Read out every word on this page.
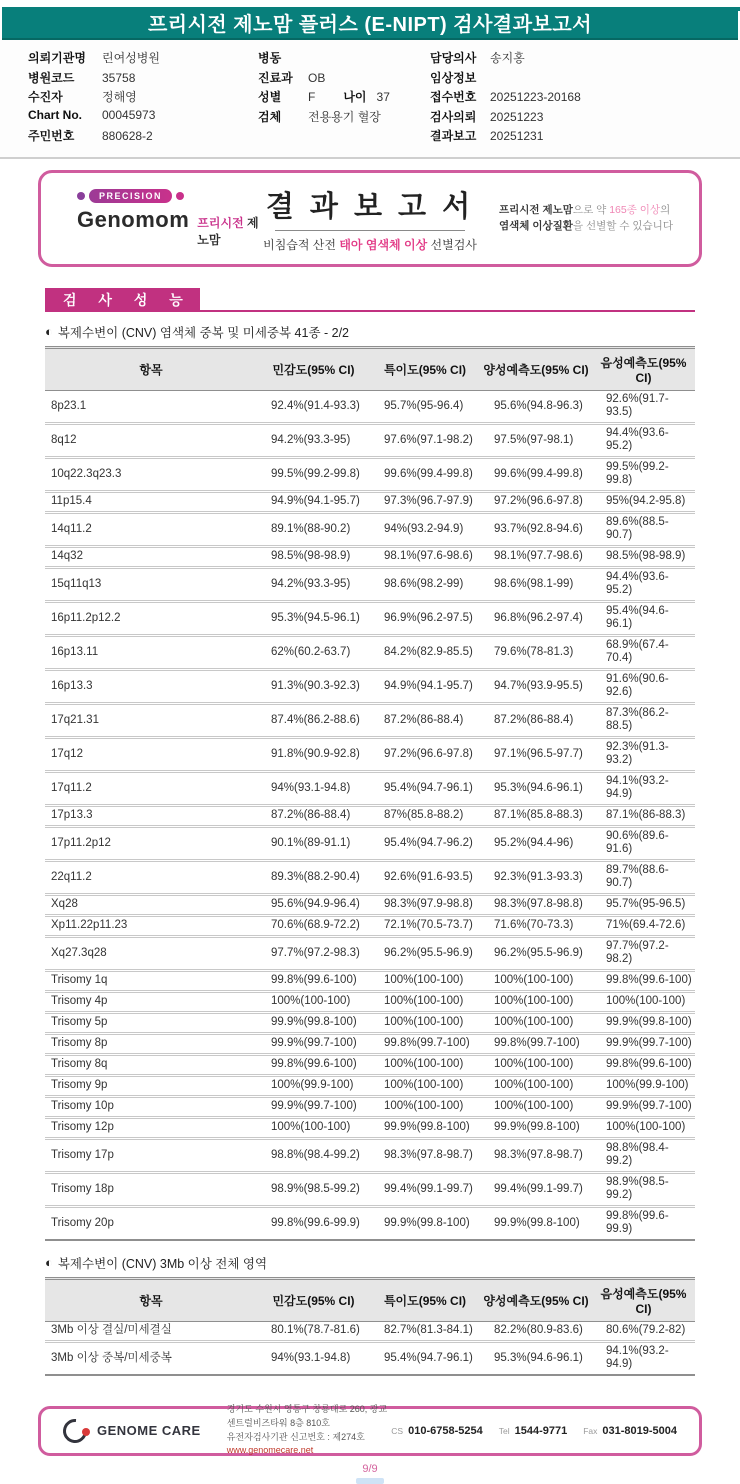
프리시전 제노맘 플러스 (E-NIPT) 검사결과보고서
의뢰기관명	린여성병원
병원코드	35758
수진자	정해영
Chart No.	00045973
주민번호	880628-2
병동
진료과	OB
성별	F 나이 37
검체	전용용기 혈장
담당의사	송지홍
임상정보
접수번호	20251223-20168
검사의뢰	20251223
결과보고	20251231
PRECISION
Genomom 프리시전 제노맘
결 과 보 고 서
비침습적 산전 태아 염색체 이상 선별검사
프리시전 제노맘으로 약 165종 이상의
염색체 이상질환을 선별할 수 있습니다
검 사 성 능
◐ 복제수변이 (CNV) 염색체 중복 및 미세중복 41종 - 2/2
항목	민감도(95% CI)	특이도(95% CI)	양성예측도(95% CI)	음성예측도(95% CI)
8p23.1	92.4%(91.4-93.3)	95.7%(95-96.4)	95.6%(94.8-96.3)	92.6%(91.7-93.5)
8q12	94.2%(93.3-95)	97.6%(97.1-98.2)	97.5%(97-98.1)	94.4%(93.6-95.2)
10q22.3q23.3	99.5%(99.2-99.8)	99.6%(99.4-99.8)	99.6%(99.4-99.8)	99.5%(99.2-99.8)
11p15.4	94.9%(94.1-95.7)	97.3%(96.7-97.9)	97.2%(96.6-97.8)	95%(94.2-95.8)
14q11.2	89.1%(88-90.2)	94%(93.2-94.9)	93.7%(92.8-94.6)	89.6%(88.5-90.7)
14q32	98.5%(98-98.9)	98.1%(97.6-98.6)	98.1%(97.7-98.6)	98.5%(98-98.9)
15q11q13	94.2%(93.3-95)	98.6%(98.2-99)	98.6%(98.1-99)	94.4%(93.6-95.2)
16p11.2p12.2	95.3%(94.5-96.1)	96.9%(96.2-97.5)	96.8%(96.2-97.4)	95.4%(94.6-96.1)
16p13.11	62%(60.2-63.7)	84.2%(82.9-85.5)	79.6%(78-81.3)	68.9%(67.4-70.4)
16p13.3	91.3%(90.3-92.3)	94.9%(94.1-95.7)	94.7%(93.9-95.5)	91.6%(90.6-92.6)
17q21.31	87.4%(86.2-88.6)	87.2%(86-88.4)	87.2%(86-88.4)	87.3%(86.2-88.5)
17q12	91.8%(90.9-92.8)	97.2%(96.6-97.8)	97.1%(96.5-97.7)	92.3%(91.3-93.2)
17q11.2	94%(93.1-94.8)	95.4%(94.7-96.1)	95.3%(94.6-96.1)	94.1%(93.2-94.9)
17p13.3	87.2%(86-88.4)	87%(85.8-88.2)	87.1%(85.8-88.3)	87.1%(86-88.3)
17p11.2p12	90.1%(89-91.1)	95.4%(94.7-96.2)	95.2%(94.4-96)	90.6%(89.6-91.6)
22q11.2	89.3%(88.2-90.4)	92.6%(91.6-93.5)	92.3%(91.3-93.3)	89.7%(88.6-90.7)
Xq28	95.6%(94.9-96.4)	98.3%(97.9-98.8)	98.3%(97.8-98.8)	95.7%(95-96.5)
Xp11.22p11.23	70.6%(68.9-72.2)	72.1%(70.5-73.7)	71.6%(70-73.3)	71%(69.4-72.6)
Xq27.3q28	97.7%(97.2-98.3)	96.2%(95.5-96.9)	96.2%(95.5-96.9)	97.7%(97.2-98.2)
Trisomy 1q	99.8%(99.6-100)	100%(100-100)	100%(100-100)	99.8%(99.6-100)
Trisomy 4p	100%(100-100)	100%(100-100)	100%(100-100)	100%(100-100)
Trisomy 5p	99.9%(99.8-100)	100%(100-100)	100%(100-100)	99.9%(99.8-100)
Trisomy 8p	99.9%(99.7-100)	99.8%(99.7-100)	99.8%(99.7-100)	99.9%(99.7-100)
Trisomy 8q	99.8%(99.6-100)	100%(100-100)	100%(100-100)	99.8%(99.6-100)
Trisomy 9p	100%(99.9-100)	100%(100-100)	100%(100-100)	100%(99.9-100)
Trisomy 10p	99.9%(99.7-100)	100%(100-100)	100%(100-100)	99.9%(99.7-100)
Trisomy 12p	100%(100-100)	99.9%(99.8-100)	99.9%(99.8-100)	100%(100-100)
Trisomy 17p	98.8%(98.4-99.2)	98.3%(97.8-98.7)	98.3%(97.8-98.7)	98.8%(98.4-99.2)
Trisomy 18p	98.9%(98.5-99.2)	99.4%(99.1-99.7)	99.4%(99.1-99.7)	98.9%(98.5-99.2)
Trisomy 20p	99.8%(99.6-99.9)	99.9%(99.8-100)	99.9%(99.8-100)	99.8%(99.6-99.9)
◐ 복제수변이 (CNV) 3Mb 이상 전체 영역
항목	민감도(95% CI)	특이도(95% CI)	양성예측도(95% CI)	음성예측도(95% CI)
3Mb 이상 결실/미세결실	80.1%(78.7-81.6)	82.7%(81.3-84.1)	82.2%(80.9-83.6)	80.6%(79.2-82)
3Mb 이상 중복/미세중복	94%(93.1-94.8)	95.4%(94.7-96.1)	95.3%(94.6-96.1)	94.1%(93.2-94.9)
GENOME CARE
경기도 수원시 영통구 창룡대로 260, 광교 센트럴비즈타워 8층 810호
유전자검사기관 신고번호 : 제274호
www.genomecare.net
CS 010-6758-5254 Tel 1544-9771 Fax 031-8019-5004
9/9
